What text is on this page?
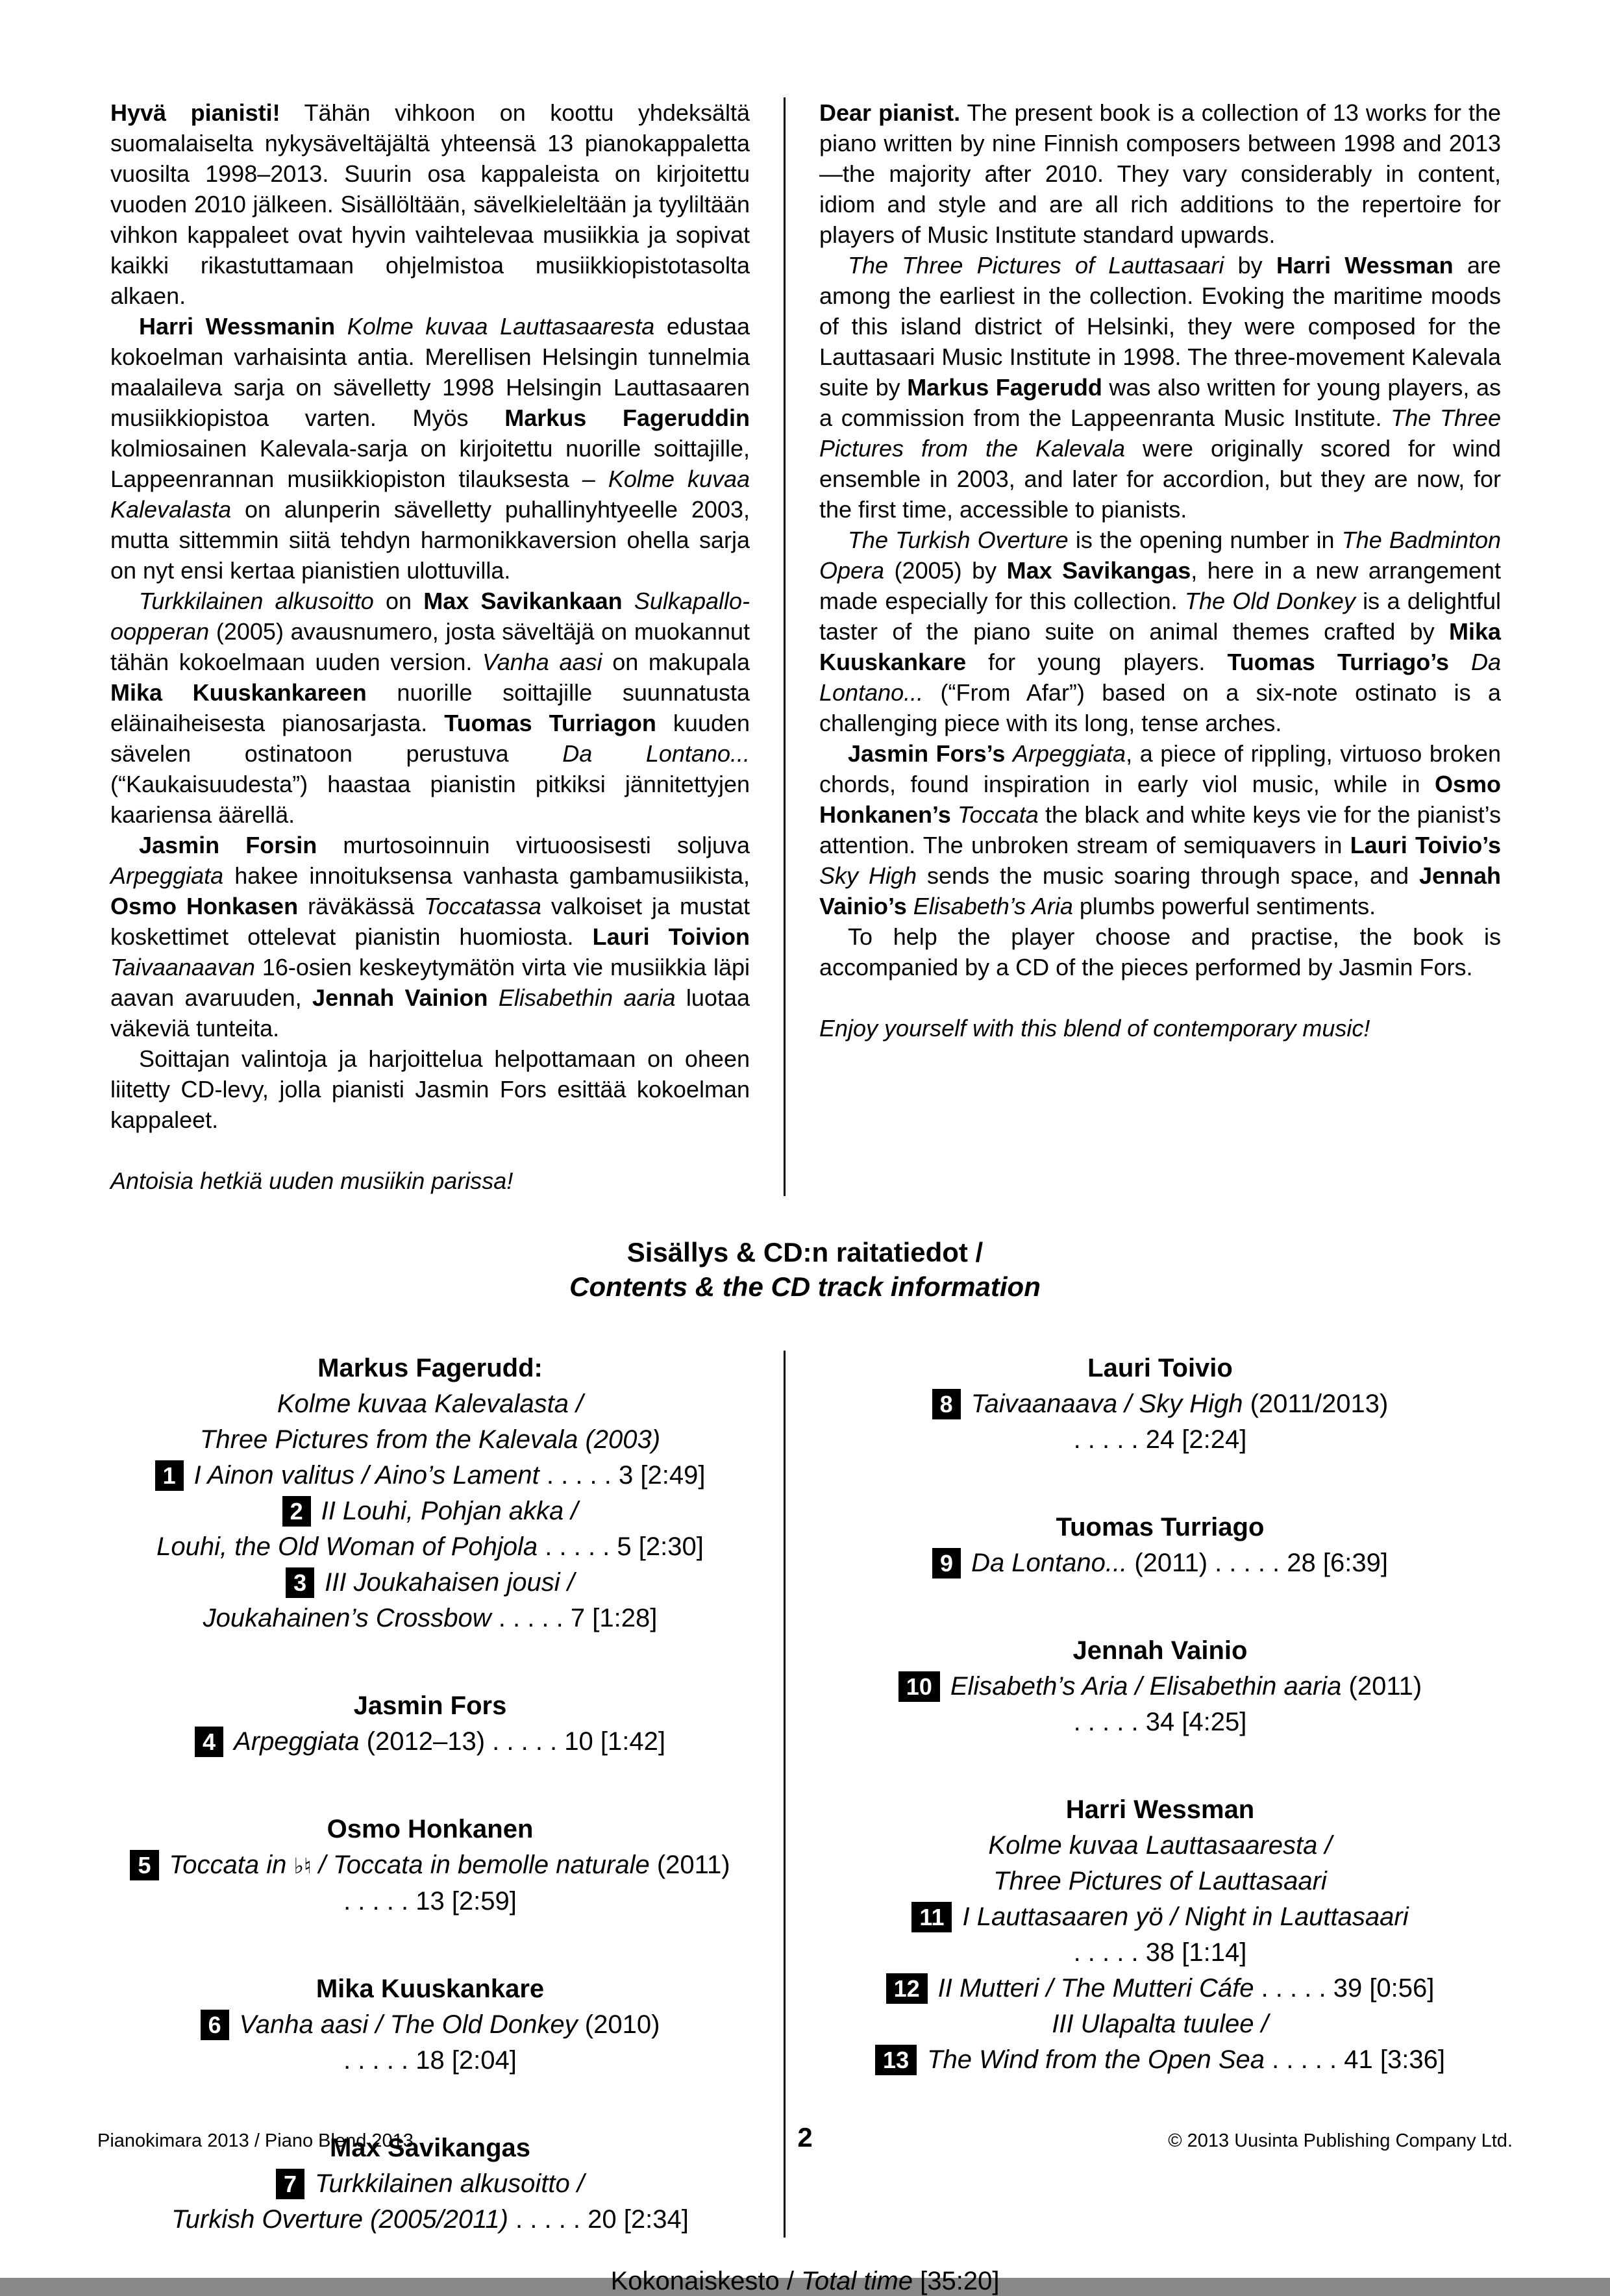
Hyvä pianisti! Tähän vihkoon on koottu yhdeksältä suomalaiselta nykysäveltäjältä yhteensä 13 pianokappaletta vuosilta 1998–2013. Suurin osa kappaleista on kirjoitettu vuoden 2010 jälkeen. Sisällöltään, sävelkieleltään ja tyyliltään vihkon kappaleet ovat hyvin vaihtelevaa musiikkia ja sopivat kaikki rikastuttamaan ohjelmistoa musiikkiopistotasolta alkaen.

Harri Wessmanin Kolme kuvaa Lauttasaaresta edustaa kokoelman varhaisinta antia. Merellisen Helsingin tunnelmia maalaileva sarja on sävelletty 1998 Helsingin Lauttasaaren musiikkiopistoa varten. Myös Markus Fageruddin kolmiosainen Kalevala-sarja on kirjoitettu nuorille soittajille, Lappeenrannan musiikkiopiston tilauksesta – Kolme kuvaa Kalevalasta on alunperin sävelletty puhallinyhtyeelle 2003, mutta sittemmin siitä tehdyn harmonikkaversion ohella sarja on nyt ensi kertaa pianistien ulottuvilla.

Turkkilainen alkusoitto on Max Savikankaan Sulkapallo-oopperan (2005) avausnumero, josta säveltäjä on muokannut tähän kokoelmaan uuden version. Vanha aasi on makupala Mika Kuuskankareen nuorille soittajille suunnatusta eläinaiheisesta pianosarjasta. Tuomas Turriagon kuuden sävelen ostinatoon perustuva Da Lontano... (“Kaukaisuudesta”) haastaa pianistin pitkiksi jännitettyjen kaariensa äärellä.

Jasmin Forsin murtosoinnuin virtuoosisesti soljuva Arpeggiata hakee innoituksensa vanhasta gambamusiikista, Osmo Honkasen räväkässä Toccatassa valkoiset ja mustat koskettimet ottelevat pianistin huomiosta. Lauri Toivion Taivaanaavan 16-osien keskeytymätön virta vie musiikkia läpi aavan avaruuden, Jennah Vainion Elisabethin aaria luotaa väkeviä tunteita.

Soittajan valintoja ja harjoittelua helpottamaan on oheen liitetty CD-levy, jolla pianisti Jasmin Fors esittää kokoelman kappaleet.

Antoisia hetkiä uuden musiikin parissa!

Dear pianist. The present book is a collection of 13 works for the piano written by nine Finnish composers between 1998 and 2013—the majority after 2010. They vary considerably in content, idiom and style and are all rich additions to the repertoire for players of Music Institute standard upwards.

The Three Pictures of Lauttasaari by Harri Wessman are among the earliest in the collection. Evoking the maritime moods of this island district of Helsinki, they were composed for the Lauttasaari Music Institute in 1998. The three-movement Kalevala suite by Markus Fagerudd was also written for young players, as a commission from the Lappeenranta Music Institute. The Three Pictures from the Kalevala were originally scored for wind ensemble in 2003, and later for accordion, but they are now, for the first time, accessible to pianists.

The Turkish Overture is the opening number in The Badminton Opera (2005) by Max Savikangas, here in a new arrangement made especially for this collection. The Old Donkey is a delightful taster of the piano suite on animal themes crafted by Mika Kuuskankare for young players. Tuomas Turriago’s Da Lontano... (“From Afar”) based on a six-note ostinato is a challenging piece with its long, tense arches.

Jasmin Fors’s Arpeggiata, a piece of rippling, virtuoso broken chords, found inspiration in early viol music, while in Osmo Honkanen’s Toccata the black and white keys vie for the pianist’s attention. The unbroken stream of semiquavers in Lauri Toivio’s Sky High sends the music soaring through space, and Jennah Vainio’s Elisabeth’s Aria plumbs powerful sentiments.

To help the player choose and practise, the book is accompanied by a CD of the pieces performed by Jasmin Fors.

Enjoy yourself with this blend of contemporary music!

Sisällys & CD:n raitatiedot /
Contents & the CD track information
Markus Fagerudd:
Kolme kuvaa Kalevalasta /
Three Pictures from the Kalevala (2003)
1 I Ainon valitus / Aino’s Lament . . . . . 3 [2:49]
2 II Louhi, Pohjan akka /
Louhi, the Old Woman of Pohjola . . . . . 5 [2:30]
3 III Joukahaisen jousi /
Joukahainen’s Crossbow . . . . . 7 [1:28]
Jasmin Fors
4 Arpeggiata (2012–13) . . . . . 10 [1:42]
Osmo Honkanen
5 Toccata in ♭♮ / Toccata in bemolle naturale (2011)
. . . . . 13 [2:59]
Mika Kuuskankare
6 Vanha aasi / The Old Donkey (2010)
. . . . . 18 [2:04]
Max Savikangas
7 Turkkilainen alkusoitto /
Turkish Overture (2005/2011) . . . . . 20 [2:34]
Lauri Toivio
8 Taivaanaava / Sky High (2011/2013)
. . . . . 24 [2:24]
Tuomas Turriago
9 Da Lontano... (2011) . . . . . 28 [6:39]
Jennah Vainio
10 Elisabeth’s Aria / Elisabethin aaria (2011)
. . . . . 34 [4:25]
Harri Wessman
Kolme kuvaa Lauttasaaresta /
Three Pictures of Lauttasaari
11 I Lauttasaaren yö / Night in Lauttasaari
. . . . . 38 [1:14]
12 II Mutteri / The Mutteri Cáfe . . . . . 39 [0:56]
III Ulapalta tuulee /
13 The Wind from the Open Sea . . . . . 41 [3:36]
Kokonaiskesto / Total time [35:20]
Pianokimara 2013 / Piano Blend 2013	2	© 2013 Uusinta Publishing Company Ltd.
